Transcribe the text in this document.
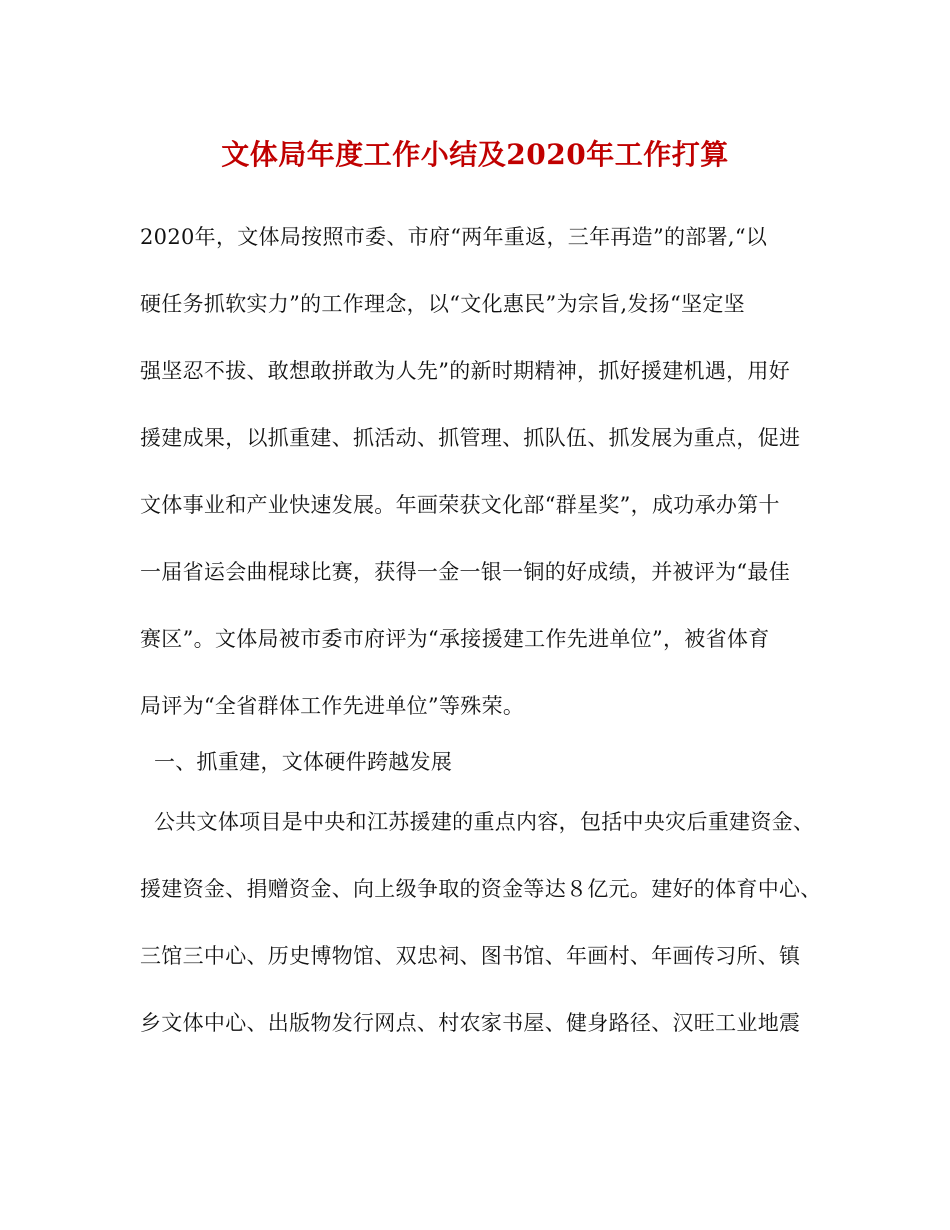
文体局年度工作小结及2020年工作打算
2020年，文体局按照市委、市府“两年重返，三年再造”的部署,“以
硬任务抓软实力”的工作理念，以“文化惠民”为宗旨,发扬“坚定坚
强坚忍不拔、敢想敢拼敢为人先”的新时期精神，抓好援建机遇，用好
援建成果，以抓重建、抓活动、抓管理、抓队伍、抓发展为重点，促进
文体事业和产业快速发展。年画荣获文化部“群星奖”，成功承办第十
一届省运会曲棍球比赛，获得一金一银一铜的好成绩，并被评为“最佳
赛区”。文体局被市委市府评为“承接援建工作先进单位”，被省体育
局评为“全省群体工作先进单位”等殊荣。
一、抓重建，文体硬件跨越发展
公共文体项目是中央和江苏援建的重点内容，包括中央灾后重建资金、
援建资金、捐赠资金、向上级争取的资金等达８亿元。建好的体育中心、
三馆三中心、历史博物馆、双忠祠、图书馆、年画村、年画传习所、镇
乡文体中心、出版物发行网点、村农家书屋、健身路径、汉旺工业地震
